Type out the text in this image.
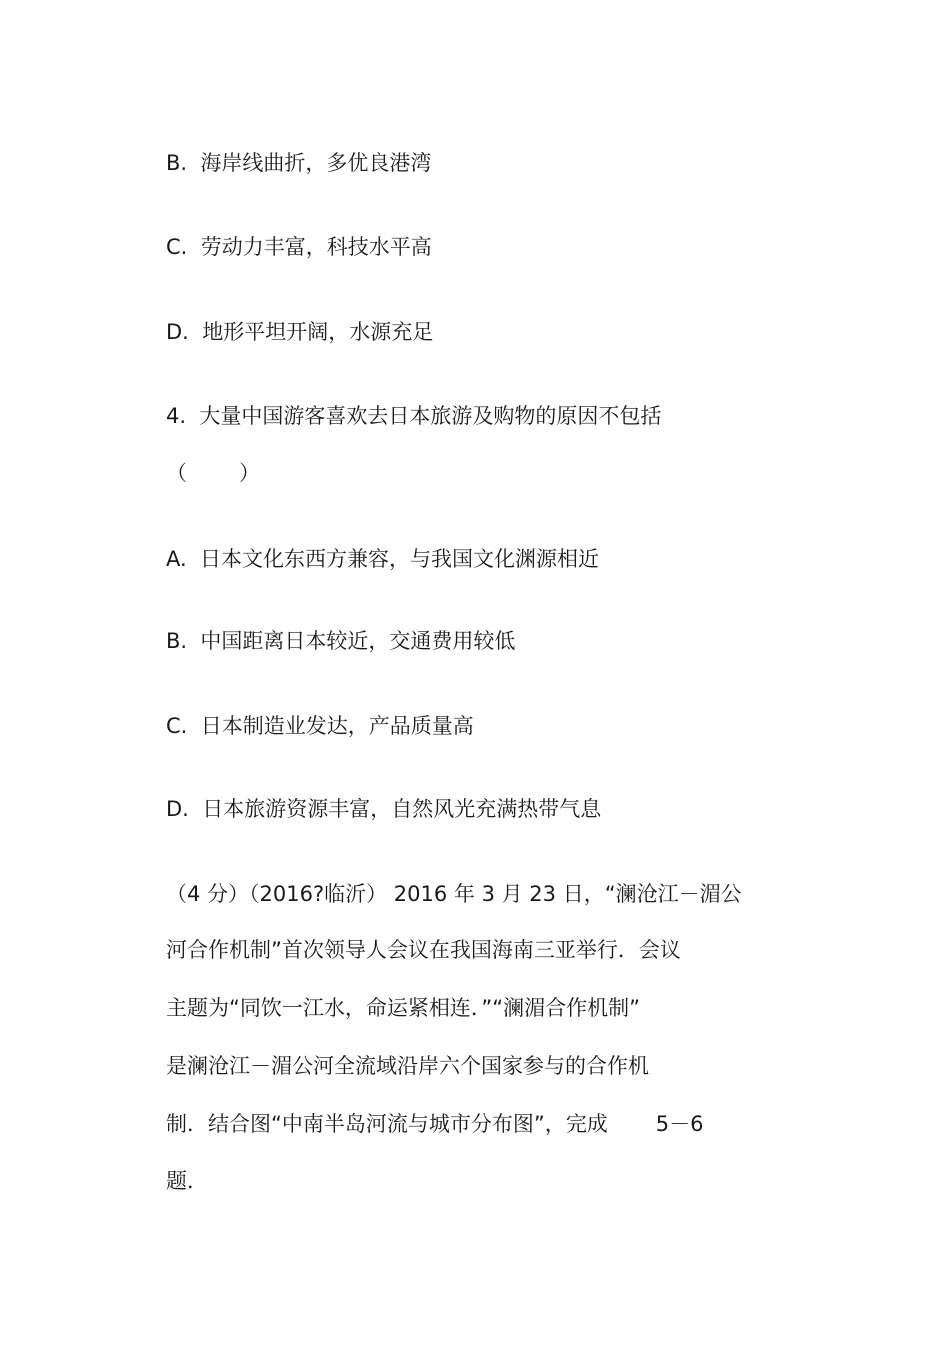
B.  海岸线曲折，多优良港湾
C.  劳动力丰富，科技水平高
D.  地形平坦开阔，水源充足
4.  大量中国游客喜欢去日本旅游及购物的原因不包括
（ ）
A.  日本文化东西方兼容，与我国文化渊源相近
B.  中国距离日本较近，交通费用较低
C.  日本制造业发达，产品质量高
D.  日本旅游资源丰富，自然风光充满热带气息
（4 分）（2016?临沂） 2016 年 3 月 23 日，“澜沧江－湄公
河合作机制”首次领导人会议在我国海南三亚举行．会议
主题为“同饮一江水，命运紧相连．”“澜湄合作机制”
是澜沧江－湄公河全流域沿岸六个国家参与的合作机
制．结合图“中南半岛河流与城市分布图”，完成 5－6
题．
